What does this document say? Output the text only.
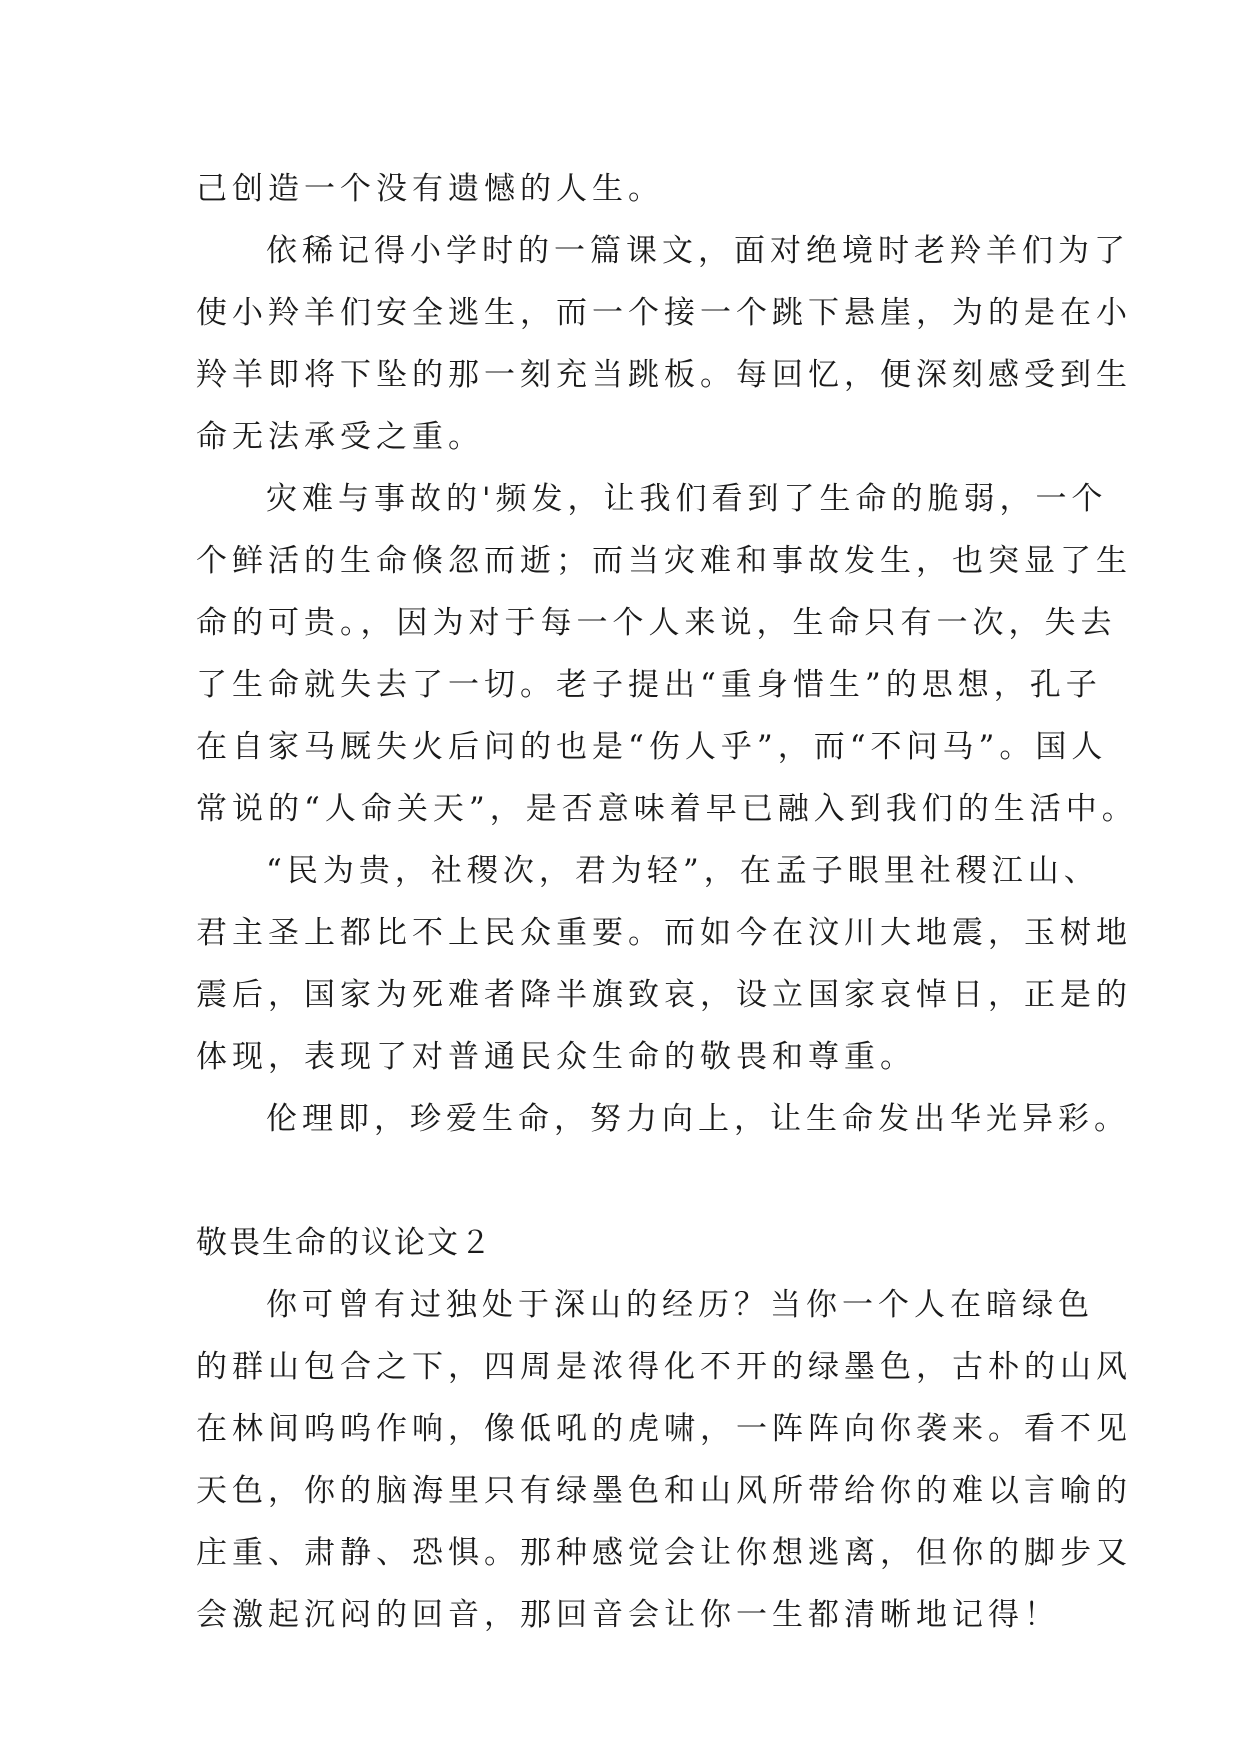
己创造一个没有遗憾的人生。
依稀记得小学时的一篇课文，面对绝境时老羚羊们为了
使小羚羊们安全逃生，而一个接一个跳下悬崖，为的是在小
羚羊即将下坠的那一刻充当跳板。每回忆，便深刻感受到生
命无法承受之重。
灾难与事故的'频发，让我们看到了生命的脆弱，一个
个鲜活的生命倏忽而逝；而当灾难和事故发生，也突显了生
命的可贵。，因为对于每一个人来说，生命只有一次，失去
了生命就失去了一切。老子提出“重身惜生”的思想，孔子
在自家马厩失火后问的也是“伤人乎”，而“不问马”。国人
常说的“人命关天”，是否意味着早已融入到我们的生活中。
“民为贵，社稷次，君为轻”，在孟子眼里社稷江山、
君主圣上都比不上民众重要。而如今在汶川大地震，玉树地
震后，国家为死难者降半旗致哀，设立国家哀悼日，正是的
体现，表现了对普通民众生命的敬畏和尊重。
伦理即，珍爱生命，努力向上，让生命发出华光异彩。
敬畏生命的议论文２
你可曾有过独处于深山的经历？当你一个人在暗绿色
的群山包合之下，四周是浓得化不开的绿墨色，古朴的山风
在林间呜呜作响，像低吼的虎啸，一阵阵向你袭来。看不见
天色，你的脑海里只有绿墨色和山风所带给你的难以言喻的
庄重、肃静、恐惧。那种感觉会让你想逃离，但你的脚步又
会激起沉闷的回音，那回音会让你一生都清晰地记得！
